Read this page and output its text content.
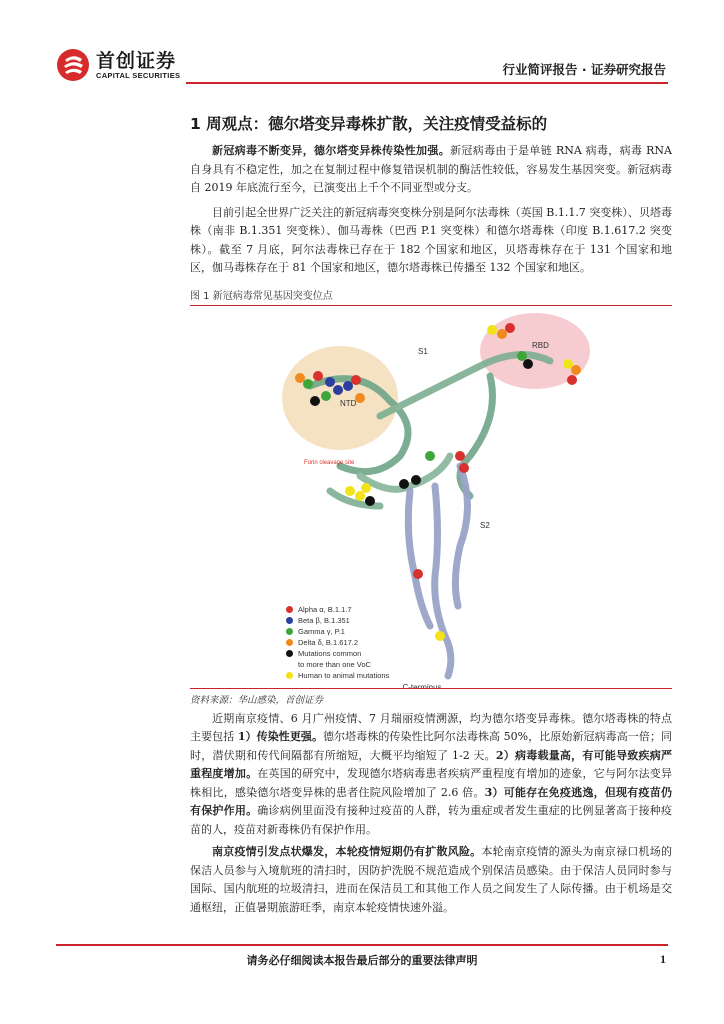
首创证券
CAPITAL SECURITIES	行业简评报告 · 证券研究报告
1 周观点：德尔塔变异毒株扩散，关注疫情受益标的

新冠病毒不断变异，德尔塔变异株传染性加强。新冠病毒由于是单链 RNA 病毒，病毒 RNA 自身具有不稳定性，加之在复制过程中修复错误机制的酶活性较低，容易发生基因突变。新冠病毒自 2019 年底流行至今，已演变出上千个不同亚型或分支。

目前引起全世界广泛关注的新冠病毒突变株分别是阿尔法毒株（英国 B.1.1.7 突变株）、贝塔毒株（南非 B.1.351 突变株）、伽马毒株（巴西 P.1 突变株）和德尔塔毒株（印度 B.1.617.2 突变株）。截至 7 月底，阿尔法毒株已存在于 182 个国家和地区，贝塔毒株存在于 131 个国家和地区，伽马毒株存在于 81 个国家和地区，德尔塔毒株已传播至 132 个国家和地区。

图 1 新冠病毒常见基因突变位点
S1
S2
RBD
NTD
C-terminus
Furin cleavage site
Alpha α, B.1.1.7
Beta β, B.1.351
Gamma γ, P.1
Delta δ, B.1.617.2
Mutations common
to more than one VoC
Human to animal mutations
资料来源：华山感染，首创证券

近期南京疫情、6 月广州疫情、7 月瑞丽疫情溯源，均为德尔塔变异毒株。德尔塔毒株的特点主要包括 1）传染性更强。德尔塔毒株的传染性比阿尔法毒株高 50%，比原始新冠病毒高一倍；同时，潜伏期和传代间隔都有所缩短，大概平均缩短了 1-2 天。2）病毒载量高，有可能导致疾病严重程度增加。在英国的研究中，发现德尔塔病毒患者疾病严重程度有增加的迹象，它与阿尔法变异株相比，感染德尔塔变异株的患者住院风险增加了 2.6 倍。3）可能存在免疫逃逸，但现有疫苗仍有保护作用。确诊病例里面没有接种过疫苗的人群，转为重症或者发生重症的比例显著高于接种疫苗的人，疫苗对新毒株仍有保护作用。

南京疫情引发点状爆发，本轮疫情短期仍有扩散风险。本轮南京疫情的源头为南京禄口机场的保洁人员参与入境航班的清扫时，因防护洗脱不规范造成个别保洁员感染。由于保洁人员同时参与国际、国内航班的垃圾清扫，进而在保洁员工和其他工作人员之间发生了人际传播。由于机场是交通枢纽，正值暑期旅游旺季，南京本轮疫情快速外溢。

请务必仔细阅读本报告最后部分的重要法律声明	1
